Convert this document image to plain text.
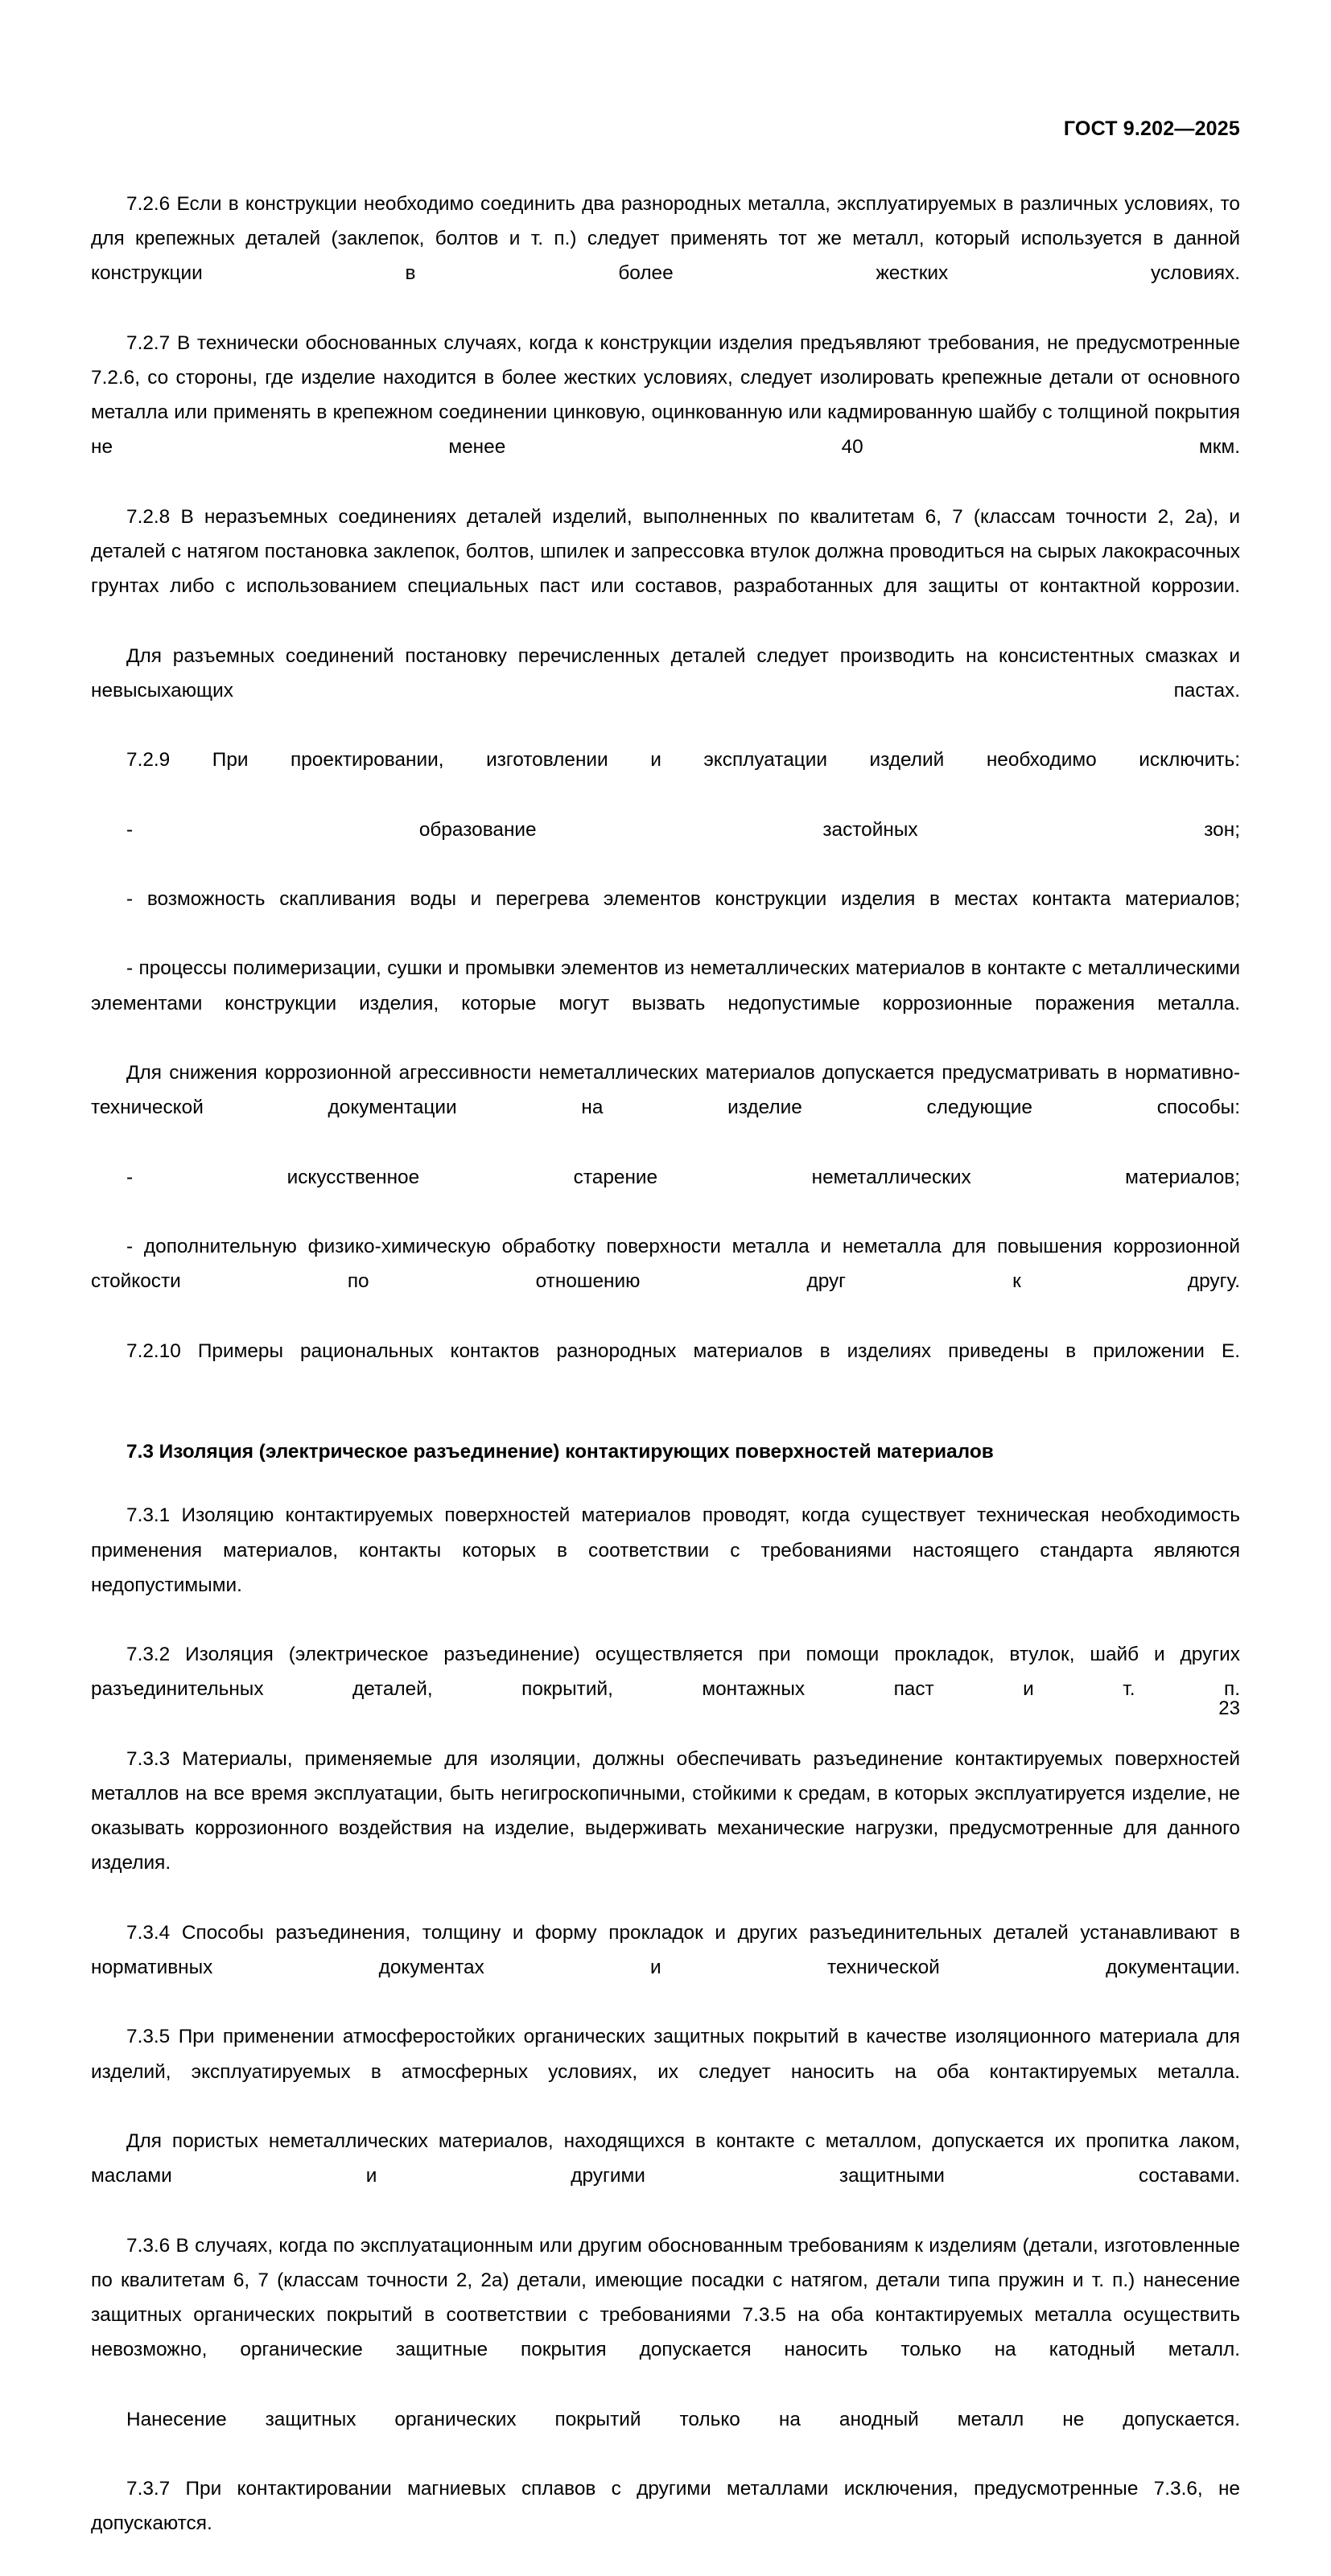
ГОСТ 9.202—2025

7.2.6 Если в конструкции необходимо соединить два разнородных металла, эксплуатируемых в различных условиях, то для крепежных деталей (заклепок, болтов и т. п.) следует применять тот же металл, который используется в данной конструкции в более жестких условиях.

7.2.7 В технически обоснованных случаях, когда к конструкции изделия предъявляют требования, не предусмотренные 7.2.6, со стороны, где изделие находится в более жестких условиях, следует изолировать крепежные детали от основного металла или применять в крепежном соединении цинковую, оцинкованную или кадмированную шайбу с толщиной покрытия не менее 40 мкм.

7.2.8 В неразъемных соединениях деталей изделий, выполненных по квалитетам 6, 7 (классам точности 2, 2а), и деталей с натягом постановка заклепок, болтов, шпилек и запрессовка втулок должна проводиться на сырых лакокрасочных грунтах либо с использованием специальных паст или составов, разработанных для защиты от контактной коррозии.

Для разъемных соединений постановку перечисленных деталей следует производить на консистентных смазках и невысыхающих пастах.

7.2.9 При проектировании, изготовлении и эксплуатации изделий необходимо исключить:

- образование застойных зон;

- возможность скапливания воды и перегрева элементов конструкции изделия в местах контакта материалов;

- процессы полимеризации, сушки и промывки элементов из неметаллических материалов в контакте с металлическими элементами конструкции изделия, которые могут вызвать недопустимые коррозионные поражения металла.

Для снижения коррозионной агрессивности неметаллических материалов допускается предусматривать в нормативно-технической документации на изделие следующие способы:

- искусственное старение неметаллических материалов;

- дополнительную физико-химическую обработку поверхности металла и неметалла для повышения коррозионной стойкости по отношению друг к другу.

7.2.10 Примеры рациональных контактов разнородных материалов в изделиях приведены в приложении Е.

7.3 Изоляция (электрическое разъединение) контактирующих поверхностей материалов

7.3.1 Изоляцию контактируемых поверхностей материалов проводят, когда существует техническая необходимость применения материалов, контакты которых в соответствии с требованиями настоящего стандарта являются недопустимыми.

7.3.2 Изоляция (электрическое разъединение) осуществляется при помощи прокладок, втулок, шайб и других разъединительных деталей, покрытий, монтажных паст и т. п.

7.3.3 Материалы, применяемые для изоляции, должны обеспечивать разъединение контактируемых поверхностей металлов на все время эксплуатации, быть негигроскопичными, стойкими к средам, в которых эксплуатируется изделие, не оказывать коррозионного воздействия на изделие, выдерживать механические нагрузки, предусмотренные для данного изделия.

7.3.4 Способы разъединения, толщину и форму прокладок и других разъединительных деталей устанавливают в нормативных документах и технической документации.

7.3.5 При применении атмосферостойких органических защитных покрытий в качестве изоляционного материала для изделий, эксплуатируемых в атмосферных условиях, их следует наносить на оба контактируемых металла.

Для пористых неметаллических материалов, находящихся в контакте с металлом, допускается их пропитка лаком, маслами и другими защитными составами.

7.3.6 В случаях, когда по эксплуатационным или другим обоснованным требованиям к изделиям (детали, изготовленные по квалитетам 6, 7 (классам точности 2, 2а) детали, имеющие посадки с натягом, детали типа пружин и т. п.) нанесение защитных органических покрытий в соответствии с требованиями 7.3.5 на оба контактируемых металла осуществить невозможно, органические защитные покрытия допускается наносить только на катодный металл.

Нанесение защитных органических покрытий только на анодный металл не допускается.

7.3.7 При контактировании магниевых сплавов с другими металлами исключения, предусмотренные 7.3.6, не допускаются.

23
